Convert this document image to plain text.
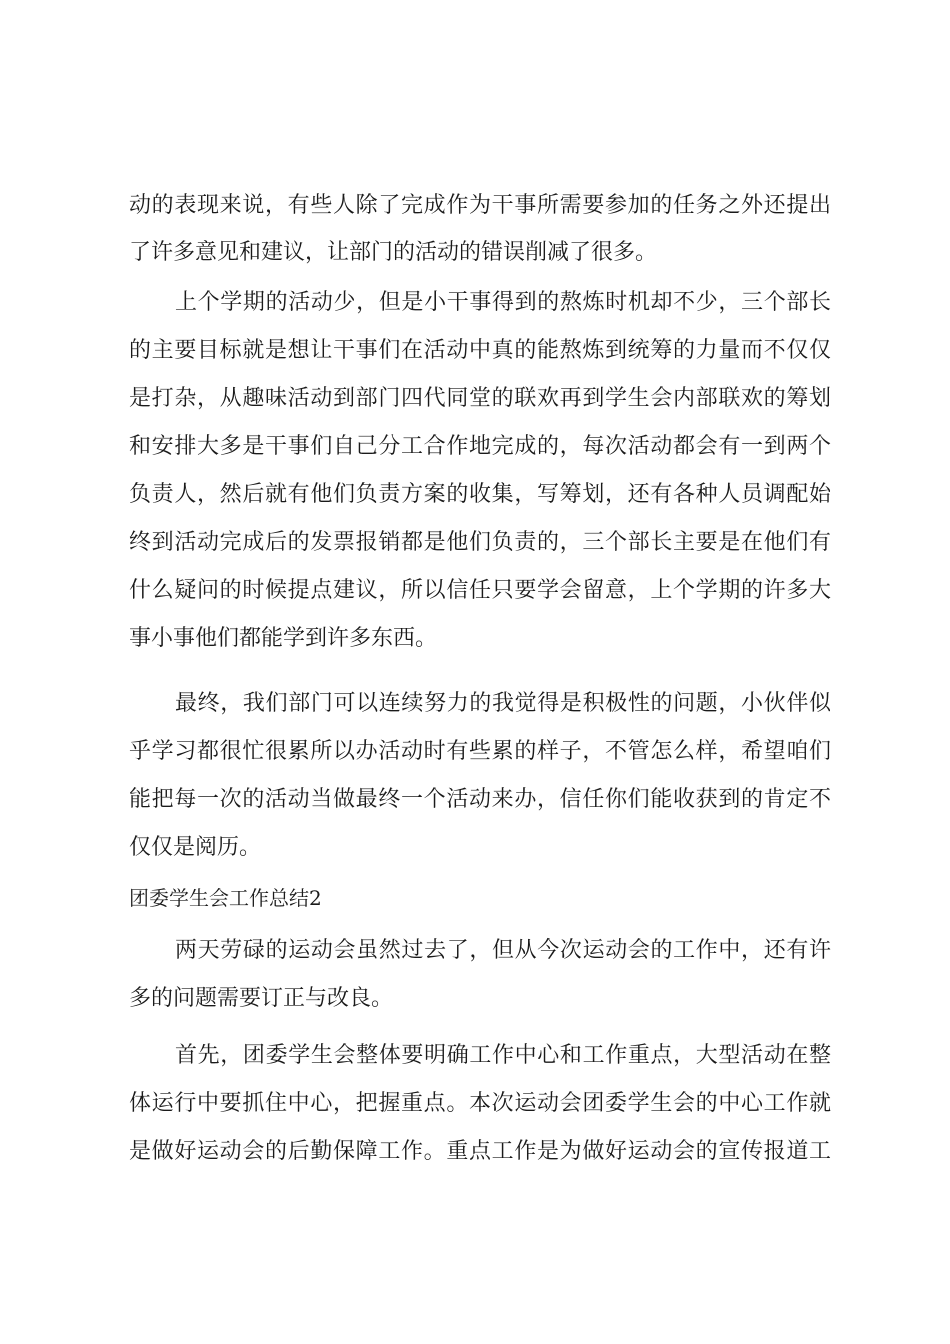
动的表现来说，有些人除了完成作为干事所需要参加的任务之外还提出
了许多意见和建议，让部门的活动的错误削减了很多。
上个学期的活动少，但是小干事得到的熬炼时机却不少，三个部长
的主要目标就是想让干事们在活动中真的能熬炼到统筹的力量而不仅仅
是打杂，从趣味活动到部门四代同堂的联欢再到学生会内部联欢的筹划
和安排大多是干事们自己分工合作地完成的，每次活动都会有一到两个
负责人，然后就有他们负责方案的收集，写筹划，还有各种人员调配始
终到活动完成后的发票报销都是他们负责的，三个部长主要是在他们有
什么疑问的时候提点建议，所以信任只要学会留意，上个学期的许多大
事小事他们都能学到许多东西。
最终，我们部门可以连续努力的我觉得是积极性的问题，小伙伴似
乎学习都很忙很累所以办活动时有些累的样子，不管怎么样，希望咱们
能把每一次的活动当做最终一个活动来办，信任你们能收获到的肯定不
仅仅是阅历。
团委学生会工作总结2
两天劳碌的运动会虽然过去了，但从今次运动会的工作中，还有许
多的问题需要订正与改良。
首先，团委学生会整体要明确工作中心和工作重点，大型活动在整
体运行中要抓住中心，把握重点。本次运动会团委学生会的中心工作就
是做好运动会的后勤保障工作。重点工作是为做好运动会的宣传报道工
